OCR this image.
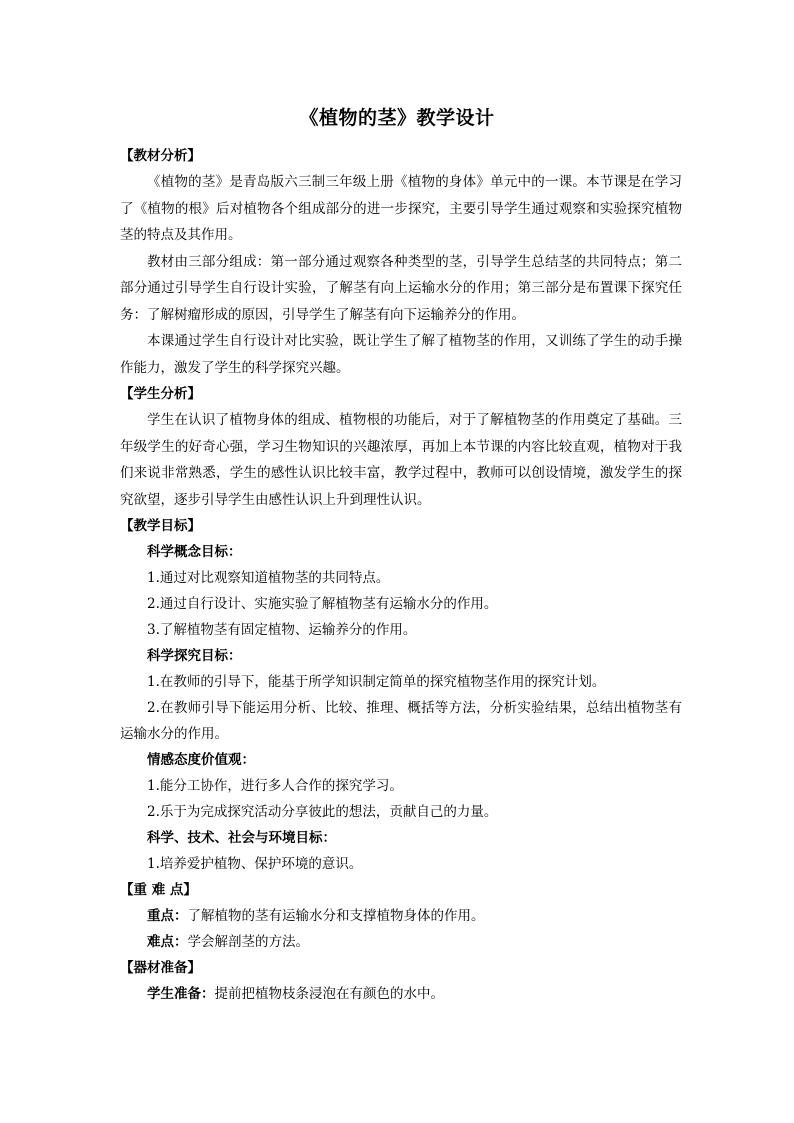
《植物的茎》教学设计

【教材分析】

《植物的茎》是青岛版六三制三年级上册《植物的身体》单元中的一课。本节课是在学习了《植物的根》后对植物各个组成部分的进一步探究，主要引导学生通过观察和实验探究植物茎的特点及其作用。

教材由三部分组成：第一部分通过观察各种类型的茎，引导学生总结茎的共同特点；第二部分通过引导学生自行设计实验，了解茎有向上运输水分的作用；第三部分是布置课下探究任务：了解树瘤形成的原因，引导学生了解茎有向下运输养分的作用。

本课通过学生自行设计对比实验，既让学生了解了植物茎的作用，又训练了学生的动手操作能力，激发了学生的科学探究兴趣。

【学生分析】

学生在认识了植物身体的组成、植物根的功能后，对于了解植物茎的作用奠定了基础。三年级学生的好奇心强，学习生物知识的兴趣浓厚，再加上本节课的内容比较直观，植物对于我们来说非常熟悉，学生的感性认识比较丰富，教学过程中，教师可以创设情境，激发学生的探究欲望，逐步引导学生由感性认识上升到理性认识。

【教学目标】

科学概念目标：

1.通过对比观察知道植物茎的共同特点。

2.通过自行设计、实施实验了解植物茎有运输水分的作用。

3.了解植物茎有固定植物、运输养分的作用。

科学探究目标：

1.在教师的引导下，能基于所学知识制定简单的探究植物茎作用的探究计划。

2.在教师引导下能运用分析、比较、推理、概括等方法，分析实验结果，总结出植物茎有运输水分的作用。

情感态度价值观：

1.能分工协作，进行多人合作的探究学习。

2.乐于为完成探究活动分享彼此的想法，贡献自己的力量。

科学、技术、社会与环境目标：

1.培养爱护植物、保护环境的意识。

【重 难 点】

重点：了解植物的茎有运输水分和支撑植物身体的作用。

难点：学会解剖茎的方法。

【器材准备】

学生准备：提前把植物枝条浸泡在有颜色的水中。
